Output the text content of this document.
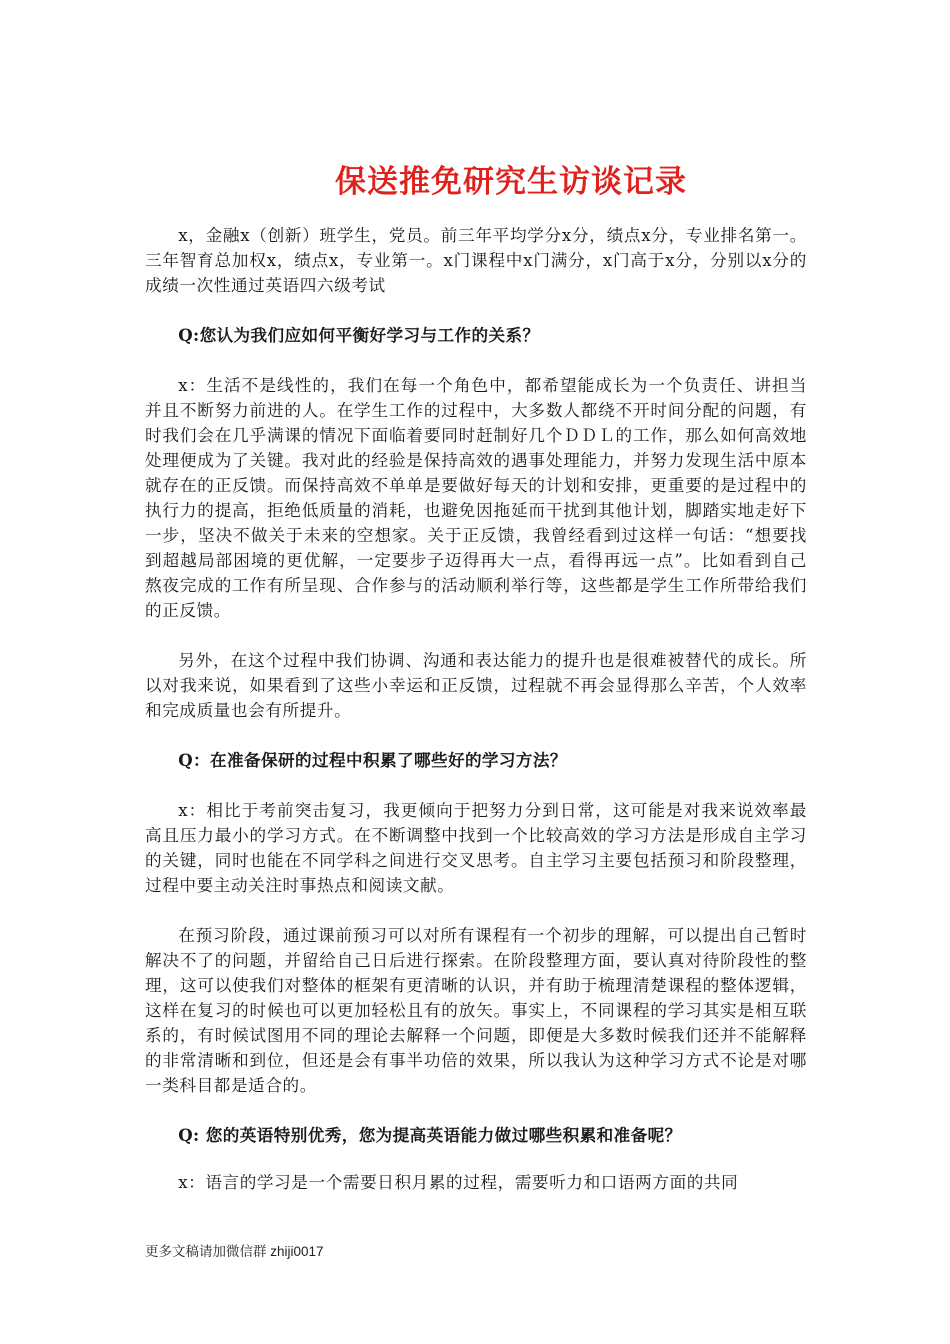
保送推免研究生访谈记录

x，金融x（创新）班学生，党员。前三年平均学分x分，绩点x分，专业排名第一。三年智育总加权x，绩点x，专业第一。x门课程中x门满分，x门高于x分，分别以x分的成绩一次性通过英语四六级考试

Q:您认为我们应如何平衡好学习与工作的关系？

x：生活不是线性的，我们在每一个角色中，都希望能成长为一个负责任、讲担当并且不断努力前进的人。在学生工作的过程中，大多数人都绕不开时间分配的问题，有时我们会在几乎满课的情况下面临着要同时赶制好几个ＤＤＬ的工作，那么如何高效地处理便成为了关键。我对此的经验是保持高效的遇事处理能力，并努力发现生活中原本就存在的正反馈。而保持高效不单单是要做好每天的计划和安排，更重要的是过程中的执行力的提高，拒绝低质量的消耗，也避免因拖延而干扰到其他计划，脚踏实地走好下一步，坚决不做关于未来的空想家。关于正反馈，我曾经看到过这样一句话：“想要找到超越局部困境的更优解，一定要步子迈得再大一点，看得再远一点”。比如看到自己熬夜完成的工作有所呈现、合作参与的活动顺利举行等，这些都是学生工作所带给我们的正反馈。

另外，在这个过程中我们协调、沟通和表达能力的提升也是很难被替代的成长。所以对我来说，如果看到了这些小幸运和正反馈，过程就不再会显得那么辛苦，个人效率和完成质量也会有所提升。

Q：在准备保研的过程中积累了哪些好的学习方法？

x：相比于考前突击复习，我更倾向于把努力分到日常，这可能是对我来说效率最高且压力最小的学习方式。在不断调整中找到一个比较高效的学习方法是形成自主学习的关键，同时也能在不同学科之间进行交叉思考。自主学习主要包括预习和阶段整理，过程中要主动关注时事热点和阅读文献。

在预习阶段，通过课前预习可以对所有课程有一个初步的理解，可以提出自己暂时解决不了的问题，并留给自己日后进行探索。在阶段整理方面，要认真对待阶段性的整理，这可以使我们对整体的框架有更清晰的认识，并有助于梳理清楚课程的整体逻辑，这样在复习的时候也可以更加轻松且有的放矢。事实上，不同课程的学习其实是相互联系的，有时候试图用不同的理论去解释一个问题，即便是大多数时候我们还并不能解释的非常清晰和到位，但还是会有事半功倍的效果，所以我认为这种学习方式不论是对哪一类科目都是适合的。

Q: 您的英语特别优秀，您为提高英语能力做过哪些积累和准备呢？

x：语言的学习是一个需要日积月累的过程，需要听力和口语两方面的共同

更多文稿请加微信群 zhiji0017
